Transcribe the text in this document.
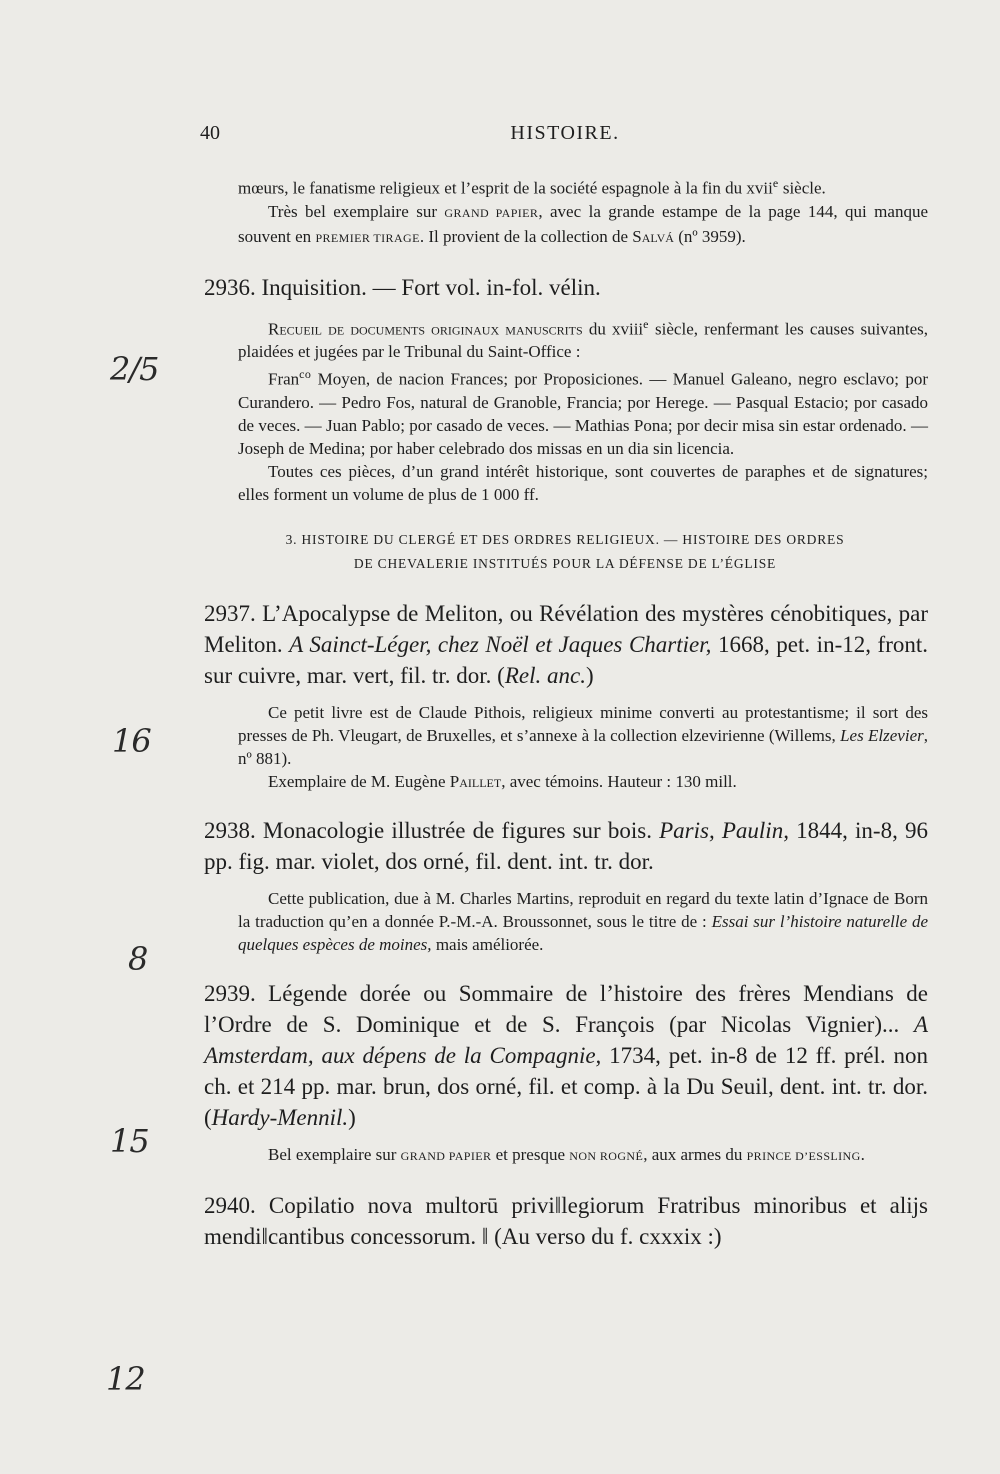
40	HISTOIRE.
2/5
16
8
15
12

mœurs, le fanatisme religieux et l’esprit de la société espagnole à la fin du xvii$^e$ siècle.

Très bel exemplaire sur GRAND PAPIER, avec la grande estampe de la page 144, qui manque souvent en PREMIER TIRAGE. Il provient de la collection de Salvá (nº 3959).

2936. Inquisition. — Fort vol. in-fol. vélin.

Recueil de documents originaux manuscrits du xviii$^e$ siècle, renfermant les causes suivantes, plaidées et jugées par le Tribunal du Saint-Office :

Fran$^{co}$ Moyen, de nacion Frances; por Proposiciones. — Manuel Galeano, negro esclavo; por Curandero. — Pedro Fos, natural de Granoble, Francia; por Herege. — Pasqual Estacio; por casado de veces. — Juan Pablo; por casado de veces. — Mathias Pona; por decir misa sin estar ordenado. — Joseph de Medina; por haber celebrado dos missas en un dia sin licencia.

Toutes ces pièces, d’un grand intérêt historique, sont couvertes de paraphes et de signatures; elles forment un volume de plus de 1 000 ff.

3. HISTOIRE DU CLERGÉ ET DES ORDRES RELIGIEUX. — HISTOIRE DES ORDRES

DE CHEVALERIE INSTITUÉS POUR LA DÉFENSE DE L’ÉGLISE

2937. L’Apocalypse de Meliton, ou Révélation des mystères cénobitiques, par Meliton. A Sainct-Léger, chez Noël et Jaques Chartier, 1668, pet. in-12, front. sur cuivre, mar. vert, fil. tr. dor. (Rel. anc.)

Ce petit livre est de Claude Pithois, religieux minime converti au protestantisme; il sort des presses de Ph. Vleugart, de Bruxelles, et s’annexe à la collection elzevirienne (Willems, Les Elzevier, nº 881).

Exemplaire de M. Eugène Paillet, avec témoins. Hauteur : 130 mill.

2938. Monacologie illustrée de figures sur bois. Paris, Paulin, 1844, in-8, 96 pp. fig. mar. violet, dos orné, fil. dent. int. tr. dor.

Cette publication, due à M. Charles Martins, reproduit en regard du texte latin d’Ignace de Born la traduction qu’en a donnée P.-M.-A. Broussonnet, sous le titre de : Essai sur l’histoire naturelle de quelques espèces de moines, mais améliorée.

2939. Légende dorée ou Sommaire de l’histoire des frères Mendians de l’Ordre de S. Dominique et de S. François (par Nicolas Vignier)... A Amsterdam, aux dépens de la Compagnie, 1734, pet. in-8 de 12 ff. prél. non ch. et 214 pp. mar. brun, dos orné, fil. et comp. à la Du Seuil, dent. int. tr. dor. (Hardy-Mennil.)

Bel exemplaire sur GRAND PAPIER et presque NON ROGNÉ, aux armes du PRINCE D’ESSLING.

2940. Copilatio nova multorū privi‖legiorum Fratribus minoribus et alijs mendi‖cantibus concessorum. ‖ (Au verso du f. cxxxix :)
